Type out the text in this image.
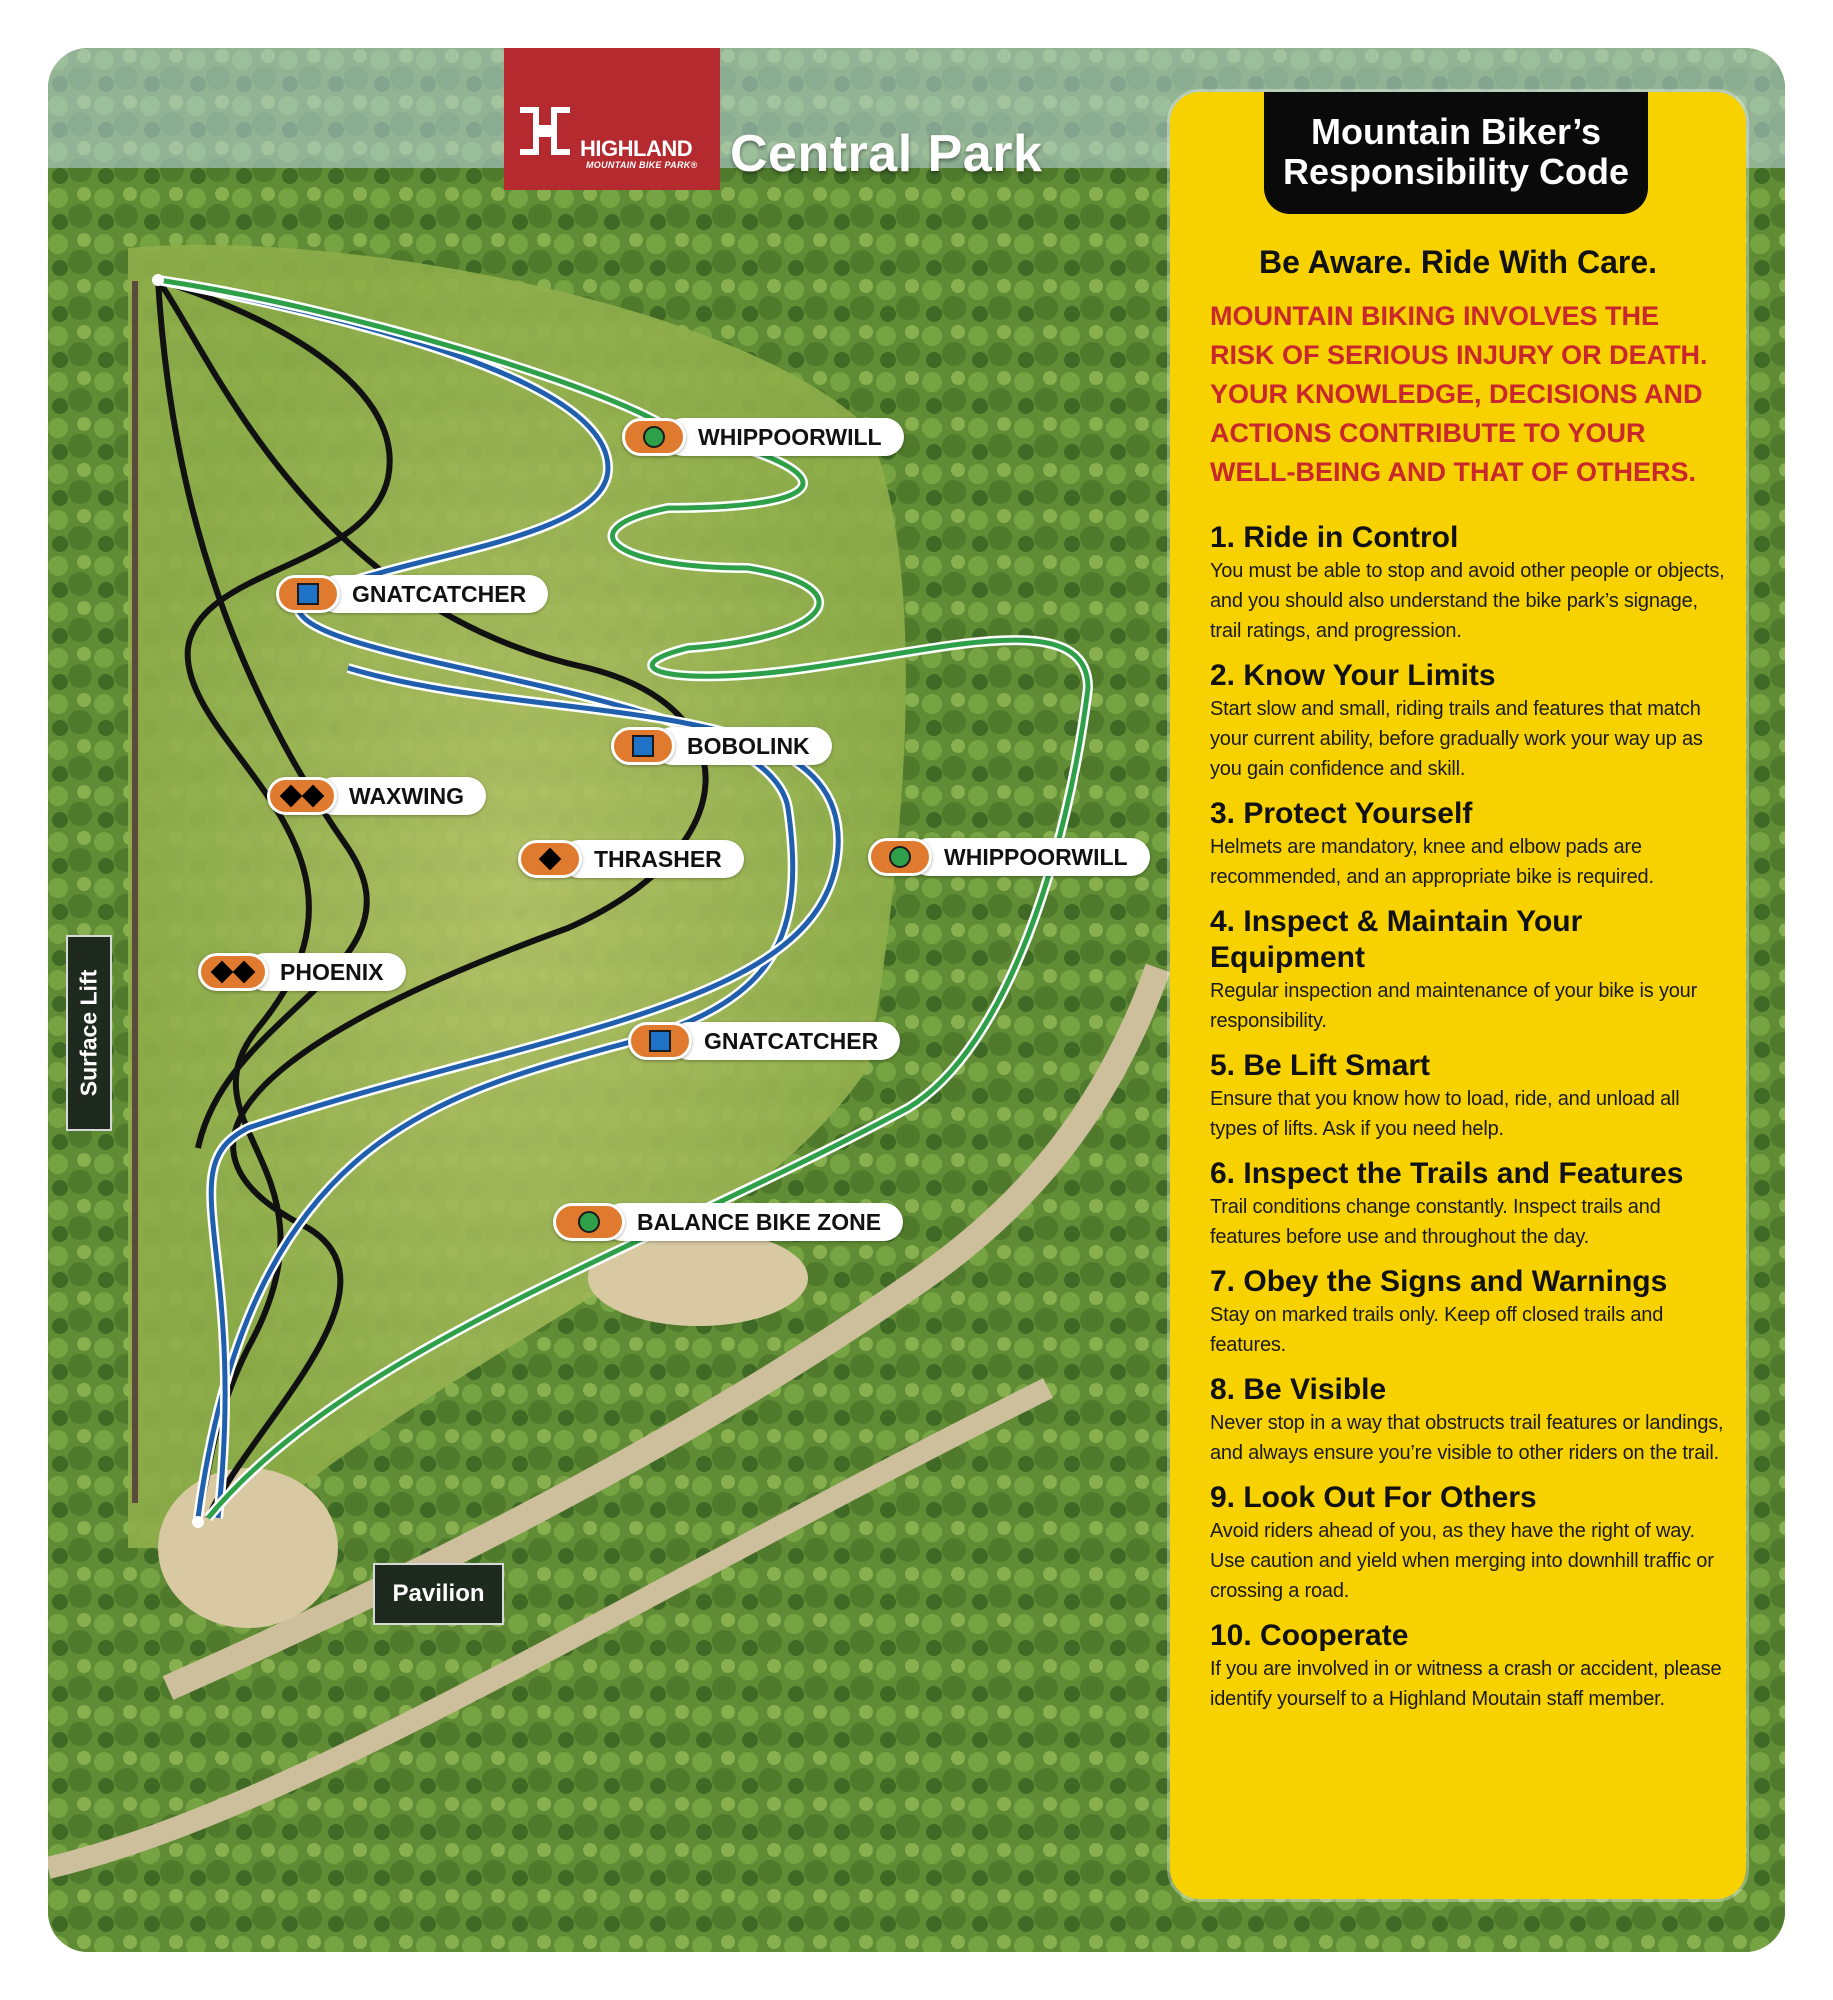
HIGHLAND
MOUNTAIN BIKE PARK® Central Park
WHIPPOORWILL
GNATCATCHER
BOBOLINK
WAXWING
THRASHER	WHIPPOORWILL
PHOENIX
GNATCATCHER
BALANCE BIKE ZONE
Surface Lift
Pavilion
Mountain Biker’s
Responsibility Code
Be Aware. Ride With Care.
MOUNTAIN BIKING INVOLVES THE RISK OF SERIOUS INJURY OR DEATH. YOUR KNOWLEDGE, DECISIONS AND ACTIONS CONTRIBUTE TO YOUR WELL-BEING AND THAT OF OTHERS.
1. Ride in Control
You must be able to stop and avoid other people or objects, and you should also understand the bike park’s signage, trail ratings, and progression.
2. Know Your Limits
Start slow and small, riding trails and features that match your current ability, before gradually work your way up as you gain confidence and skill.
3. Protect Yourself
Helmets are mandatory, knee and elbow pads are recommended, and an appropriate bike is required.
4. Inspect & Maintain Your Equipment
Regular inspection and maintenance of your bike is your responsibility.
5. Be Lift Smart
Ensure that you know how to load, ride, and unload all types of lifts. Ask if you need help.
6. Inspect the Trails and Features
Trail conditions change constantly. Inspect trails and features before use and throughout the day.
7. Obey the Signs and Warnings
Stay on marked trails only. Keep off closed trails and features.
8. Be Visible
Never stop in a way that obstructs trail features or landings, and always ensure you’re visible to other riders on the trail.
9. Look Out For Others
Avoid riders ahead of you, as they have the right of way. Use caution and yield when merging into downhill traffic or crossing a road.
10. Cooperate
If you are involved in or witness a crash or accident, please identify yourself to a Highland Moutain staff member.
